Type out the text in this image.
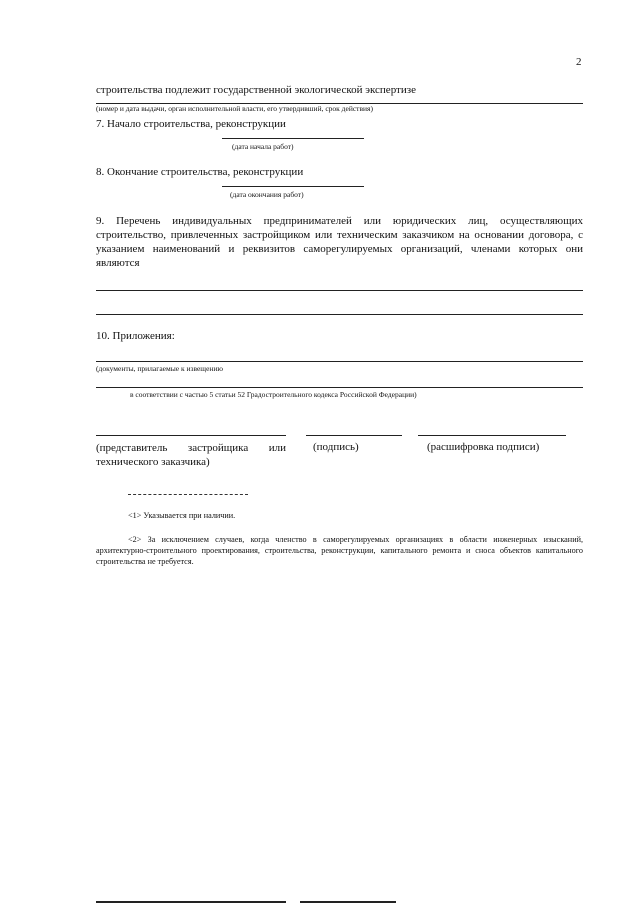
2
строительства подлежит государственной экологической экспертизе
(номер и дата выдачи, орган исполнительной власти, его утвердивший, срок действия)
7. Начало строительства, реконструкции
(дата начала работ)
8. Окончание строительства, реконструкции
(дата окончания работ)
9. Перечень индивидуальных предпринимателей или юридических лиц, осуществляющих строительство, привлеченных застройщиком или техническим заказчиком на основании договора, с указанием наименований и реквизитов саморегулируемых организаций, членами которых они являются
10. Приложения:
(документы, прилагаемые к извещению
в соответствии с частью 5 статьи 52 Градостроительного кодекса Российской Федерации)
(представитель застройщика или технического заказчика)
(подпись)	(расшифровка подписи)
<1> Указывается при наличии.
<2> За исключением случаев, когда членство в саморегулируемых организациях в области инженерных изысканий, архитектурно-строительного проектирования, строительства, реконструкции, капитального ремонта и сноса объектов капитального строительства не требуется.
